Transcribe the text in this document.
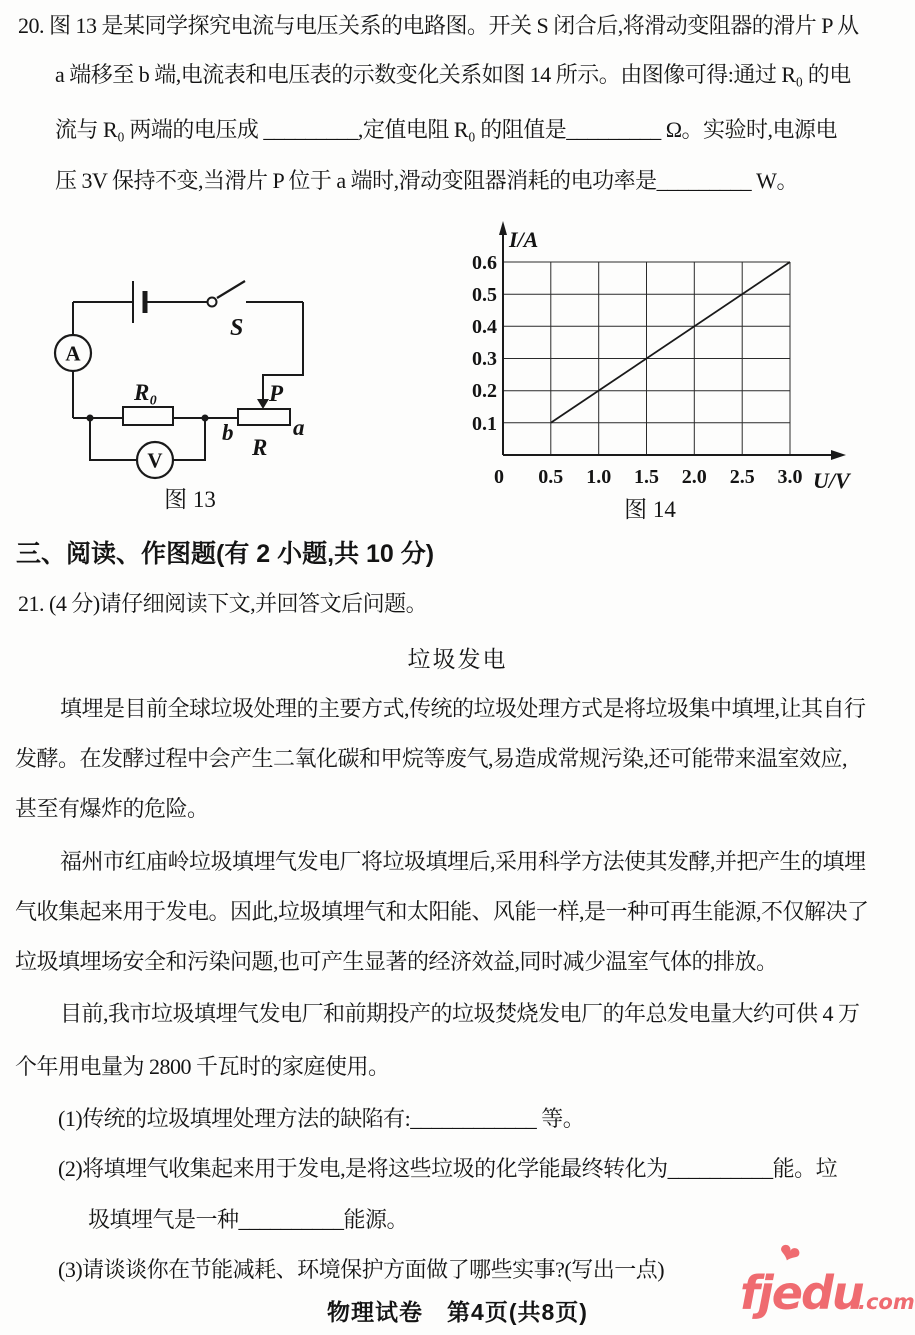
20. 图 13 是某同学探究电流与电压关系的电路图。开关 S 闭合后,将滑动变阻器的滑片 P 从
a 端移至 b 端,电流表和电压表的示数变化关系如图 14 所示。由图像可得:通过 R₀ 的电
流与 R₀ 两端的电压成 _________,定值电阻 R₀ 的阻值是_________ Ω。实验时,电源电
压 3V 保持不变,当滑片 P 位于 a 端时,滑动变阻器消耗的电功率是_________ W。
S
A
V
R₀	P
b	a
R
图 13
0.6
0.5
0.4
0.3
0.2
0.1
0 0.5 1.0 1.5 2.0 2.5 3.0
I/A
U/V
图 14
三、阅读、作图题(有 2 小题,共 10 分)
21. (4 分)请仔细阅读下文,并回答文后问题。
垃圾发电
填埋是目前全球垃圾处理的主要方式,传统的垃圾处理方式是将垃圾集中填埋,让其自行
发酵。在发酵过程中会产生二氧化碳和甲烷等废气,易造成常规污染,还可能带来温室效应,
甚至有爆炸的危险。
福州市红庙岭垃圾填埋气发电厂将垃圾填埋后,采用科学方法使其发酵,并把产生的填埋
气收集起来用于发电。因此,垃圾填埋气和太阳能、风能一样,是一种可再生能源,不仅解决了
垃圾填埋场安全和污染问题,也可产生显著的经济效益,同时减少温室气体的排放。
目前,我市垃圾填埋气发电厂和前期投产的垃圾焚烧发电厂的年总发电量大约可供 4 万
个年用电量为 2800 千瓦时的家庭使用。
(1)传统的垃圾填埋处理方法的缺陷有:____________ 等。
(2)将填埋气收集起来用于发电,是将这些垃圾的化学能最终转化为__________能。垃
圾填埋气是一种__________能源。
(3)请谈谈你在节能减耗、环境保护方面做了哪些实事?(写出一点)
物理试卷　第4页(共8页)	fjedu
.com
❤
